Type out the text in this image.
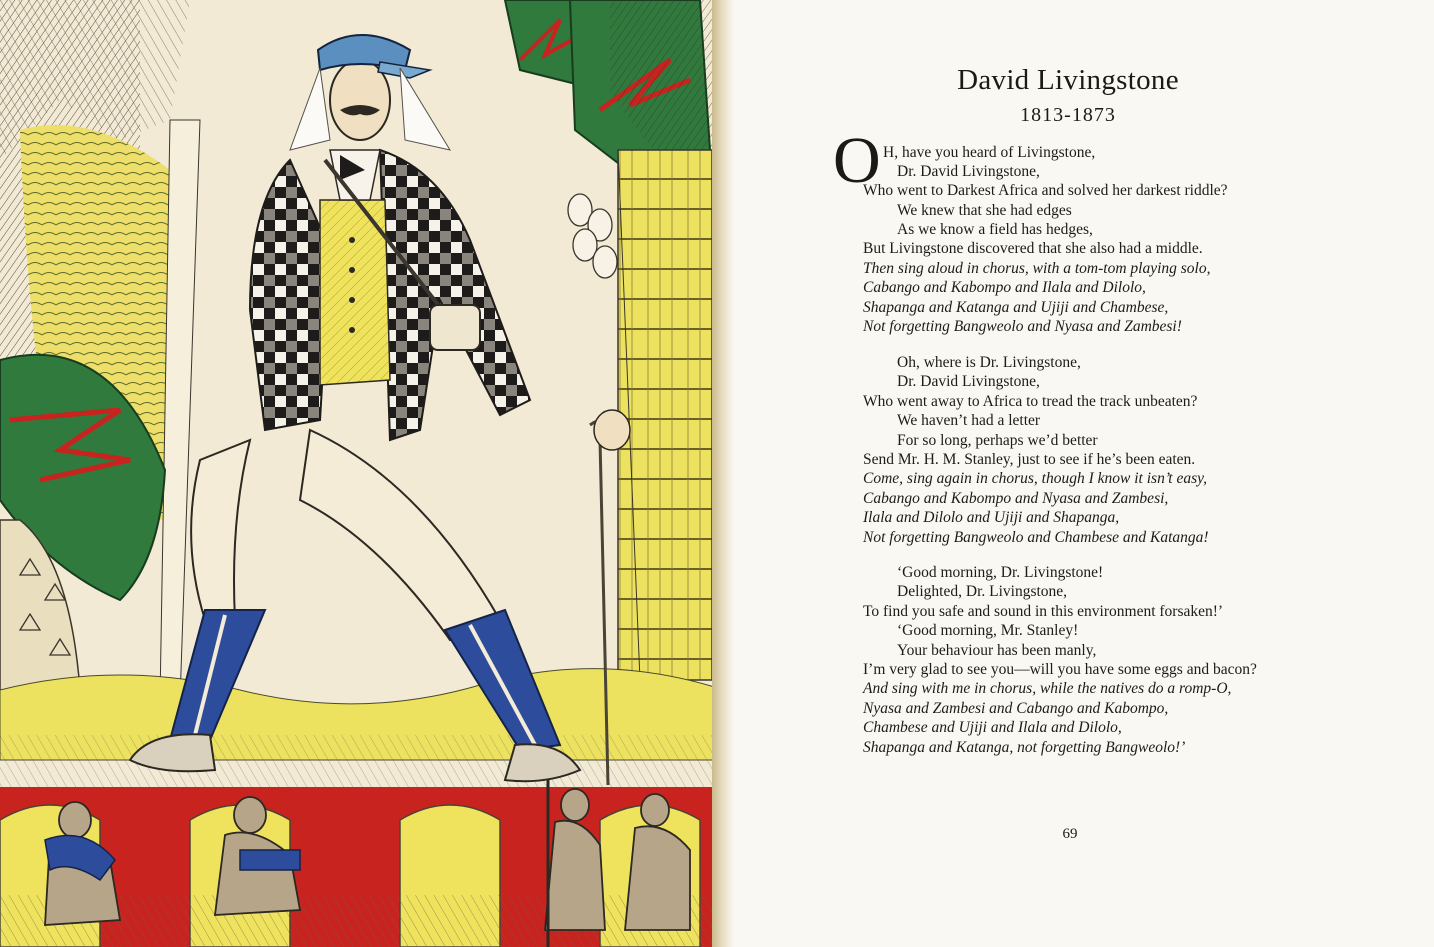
David Livingstone
1813-1873
O H, have you heard of Livingstone,
Dr. David Livingstone,
Who went to Darkest Africa and solved her darkest riddle?
We knew that she had edges
As we know a field has hedges,
But Livingstone discovered that she also had a middle.
Then sing aloud in chorus, with a tom-tom playing solo,
Cabango and Kabompo and Ilala and Dilolo,
Shapanga and Katanga and Ujiji and Chambese,
Not forgetting Bangweolo and Nyasa and Zambesi!
Oh, where is Dr. Livingstone,
Dr. David Livingstone,
Who went away to Africa to tread the track unbeaten?
We haven’t had a letter
For so long, perhaps we’d better
Send Mr. H. M. Stanley, just to see if he’s been eaten.
Come, sing again in chorus, though I know it isn’t easy,
Cabango and Kabompo and Nyasa and Zambesi,
Ilala and Dilolo and Ujiji and Shapanga,
Not forgetting Bangweolo and Chambese and Katanga!
‘Good morning, Dr. Livingstone!
Delighted, Dr. Livingstone,
To find you safe and sound in this environment forsaken!’
‘Good morning, Mr. Stanley!
Your behaviour has been manly,
I’m very glad to see you—will you have some eggs and bacon?
And sing with me in chorus, while the natives do a romp-O,
Nyasa and Zambesi and Cabango and Kabompo,
Chambese and Ujiji and Ilala and Dilolo,
Shapanga and Katanga, not forgetting Bangweolo!’
69
